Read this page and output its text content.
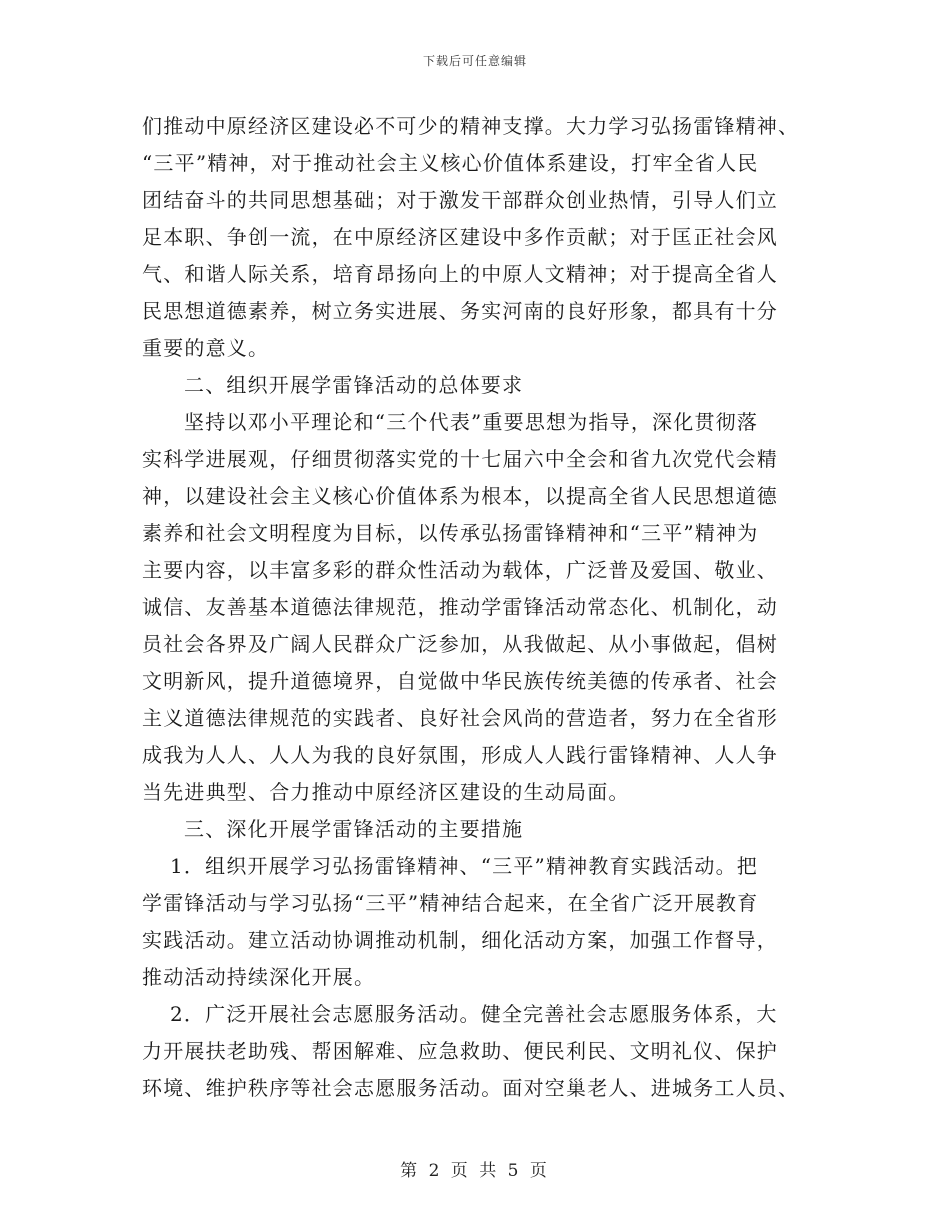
下载后可任意编辑
们推动中原经济区建设必不可少的精神支撑。大力学习弘扬雷锋精神、
“三平”精神，对于推动社会主义核心价值体系建设，打牢全省人民
团结奋斗的共同思想基础；对于激发干部群众创业热情，引导人们立
足本职、争创一流，在中原经济区建设中多作贡献；对于匡正社会风
气、和谐人际关系，培育昂扬向上的中原人文精神；对于提高全省人
民思想道德素养，树立务实进展、务实河南的良好形象，都具有十分
重要的意义。
二、组织开展学雷锋活动的总体要求
坚持以邓小平理论和“三个代表”重要思想为指导，深化贯彻落
实科学进展观，仔细贯彻落实党的十七届六中全会和省九次党代会精
神，以建设社会主义核心价值体系为根本，以提高全省人民思想道德
素养和社会文明程度为目标，以传承弘扬雷锋精神和“三平”精神为
主要内容，以丰富多彩的群众性活动为载体，广泛普及爱国、敬业、
诚信、友善基本道德法律规范，推动学雷锋活动常态化、机制化，动
员社会各界及广阔人民群众广泛参加，从我做起、从小事做起，倡树
文明新风，提升道德境界，自觉做中华民族传统美德的传承者、社会
主义道德法律规范的实践者、良好社会风尚的营造者，努力在全省形
成我为人人、人人为我的良好氛围，形成人人践行雷锋精神、人人争
当先进典型、合力推动中原经济区建设的生动局面。
三、深化开展学雷锋活动的主要措施
1．组织开展学习弘扬雷锋精神、“三平”精神教育实践活动。把
学雷锋活动与学习弘扬“三平”精神结合起来，在全省广泛开展教育
实践活动。建立活动协调推动机制，细化活动方案，加强工作督导，
推动活动持续深化开展。
2．广泛开展社会志愿服务活动。健全完善社会志愿服务体系，大
力开展扶老助残、帮困解难、应急救助、便民利民、文明礼仪、保护
环境、维护秩序等社会志愿服务活动。面对空巢老人、进城务工人员、
第 2 页 共 5 页
